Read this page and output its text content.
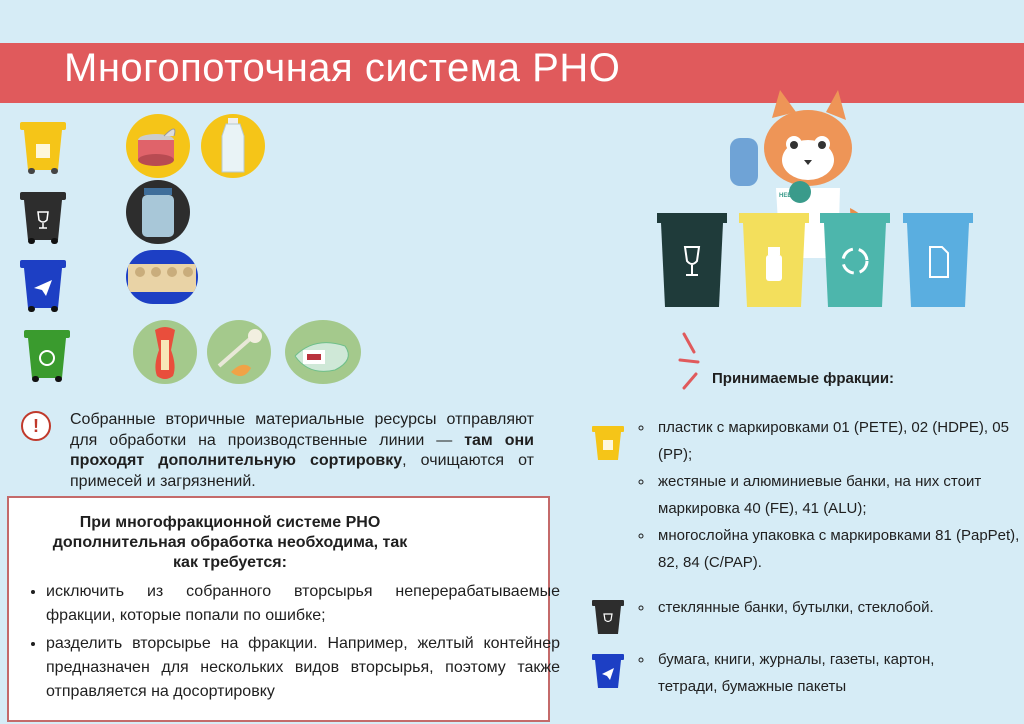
Многопоточная система РНО
НЕВСКИЙ
!	Собранные вторичные материальные ресурсы отправляют для обработки на производственные линии — там они проходят дополнительную сортировку, очищаются от примесей и загрязнений.
При многофракционной системе РНО дополнительная обработка необходима, так как требуется:
• исключить из собранного вторсырья неперерабатываемые фракции, которые попали по ошибке;
• разделить вторсырье на фракции. Например, желтый контейнер предназначен для нескольких видов вторсырья, поэтому также отправляется на досортировку
Принимаемые фракции:
◦ пластик с маркировками 01 (PETE), 02 (HDPE), 05 (PP);
◦ жестяные и алюминиевые банки, на них стоит маркировка 40 (FE), 41 (ALU);
◦ многослойна упаковка с маркировками 81 (PapPet), 82, 84 (C/PAP).
◦ стеклянные банки, бутылки, стеклобой.
◦ бумага, книги, журналы, газеты, картон, тетради, бумажные пакеты
